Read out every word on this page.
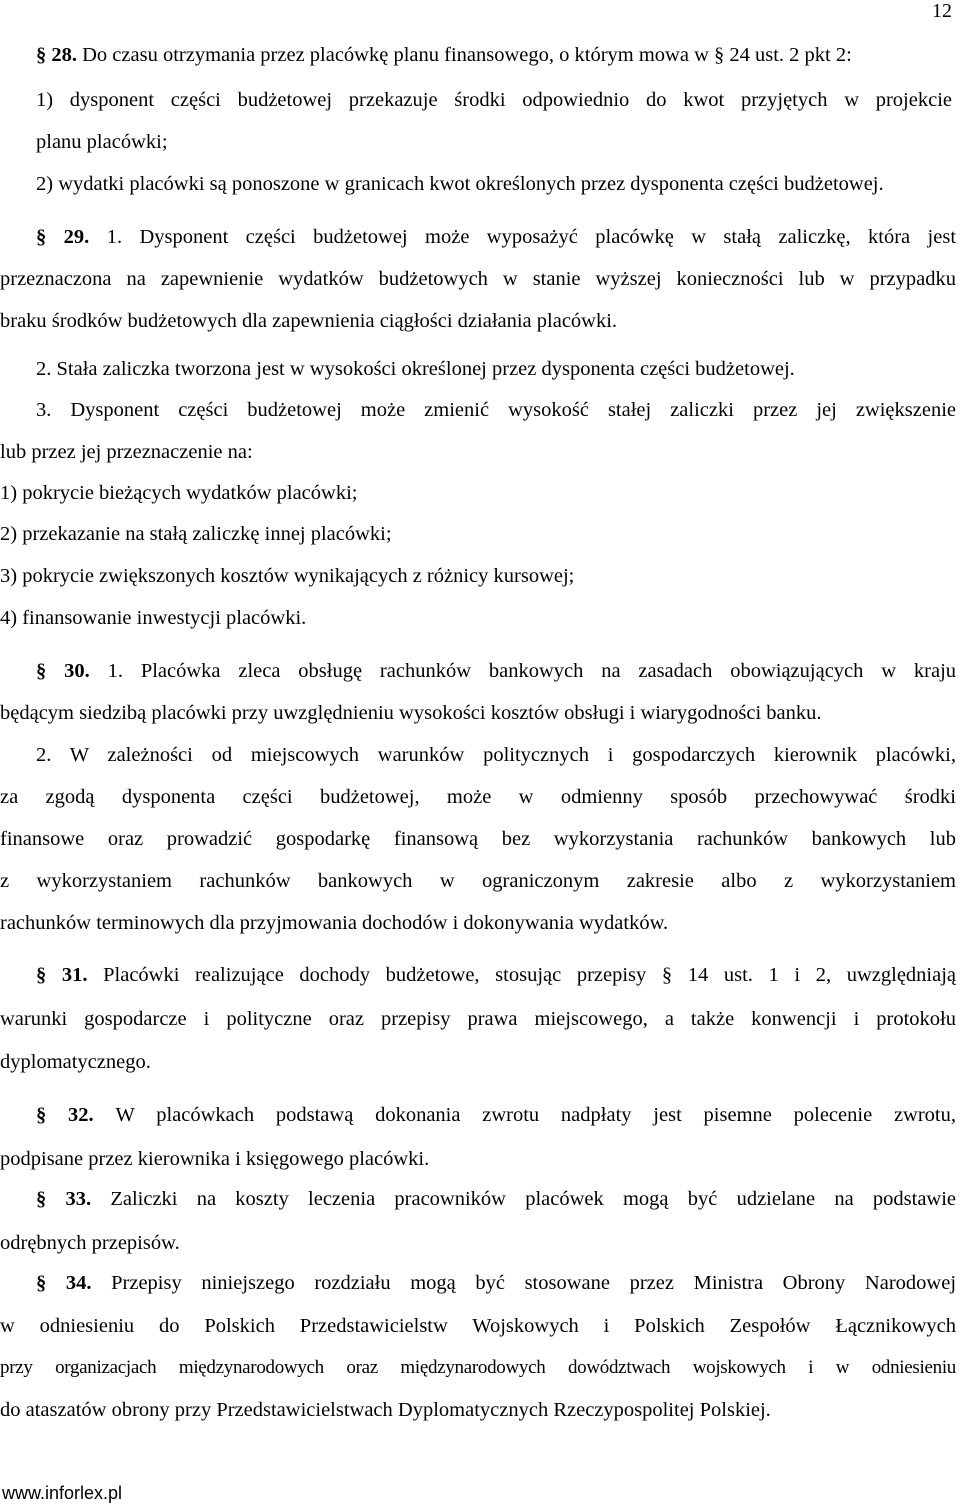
12
§ 28. Do czasu otrzymania przez placówkę planu finansowego, o którym mowa w § 24 ust. 2 pkt 2:
1) dysponent części budżetowej przekazuje środki odpowiednio do kwot przyjętych w projekcie
planu placówki;
2) wydatki placówki są ponoszone w granicach kwot określonych przez dysponenta części budżetowej.
§ 29. 1. Dysponent części budżetowej może wyposażyć placówkę w stałą zaliczkę, która jest
przeznaczona na zapewnienie wydatków budżetowych w stanie wyższej konieczności lub w przypadku
braku środków budżetowych dla zapewnienia ciągłości działania placówki.
2. Stała zaliczka tworzona jest w wysokości określonej przez dysponenta części budżetowej.
3. Dysponent części budżetowej może zmienić wysokość stałej zaliczki przez jej zwiększenie
lub przez jej przeznaczenie na:
1) pokrycie bieżących wydatków placówki;
2) przekazanie na stałą zaliczkę innej placówki;
3) pokrycie zwiększonych kosztów wynikających z różnicy kursowej;
4) finansowanie inwestycji placówki.
§ 30. 1. Placówka zleca obsługę rachunków bankowych na zasadach obowiązujących w kraju
będącym siedzibą placówki przy uwzględnieniu wysokości kosztów obsługi i wiarygodności banku.
2. W zależności od miejscowych warunków politycznych i gospodarczych kierownik placówki,
za zgodą dysponenta części budżetowej, może w odmienny sposób przechowywać środki
finansowe oraz prowadzić gospodarkę finansową bez wykorzystania rachunków bankowych lub
z wykorzystaniem rachunków bankowych w ograniczonym zakresie albo z wykorzystaniem
rachunków terminowych dla przyjmowania dochodów i dokonywania wydatków.
§ 31. Placówki realizujące dochody budżetowe, stosując przepisy § 14 ust. 1 i 2, uwzględniają
warunki gospodarcze i polityczne oraz przepisy prawa miejscowego, a także konwencji i protokołu
dyplomatycznego.
§ 32. W placówkach podstawą dokonania zwrotu nadpłaty jest pisemne polecenie zwrotu,
podpisane przez kierownika i księgowego placówki.
§ 33. Zaliczki na koszty leczenia pracowników placówek mogą być udzielane na podstawie
odrębnych przepisów.
§ 34. Przepisy niniejszego rozdziału mogą być stosowane przez Ministra Obrony Narodowej
w odniesieniu do Polskich Przedstawicielstw Wojskowych i Polskich Zespołów Łącznikowych
przy organizacjach międzynarodowych oraz międzynarodowych dowództwach wojskowych i w odniesieniu
do ataszatów obrony przy Przedstawicielstwach Dyplomatycznych Rzeczypospolitej Polskiej.
www.inforlex.pl
